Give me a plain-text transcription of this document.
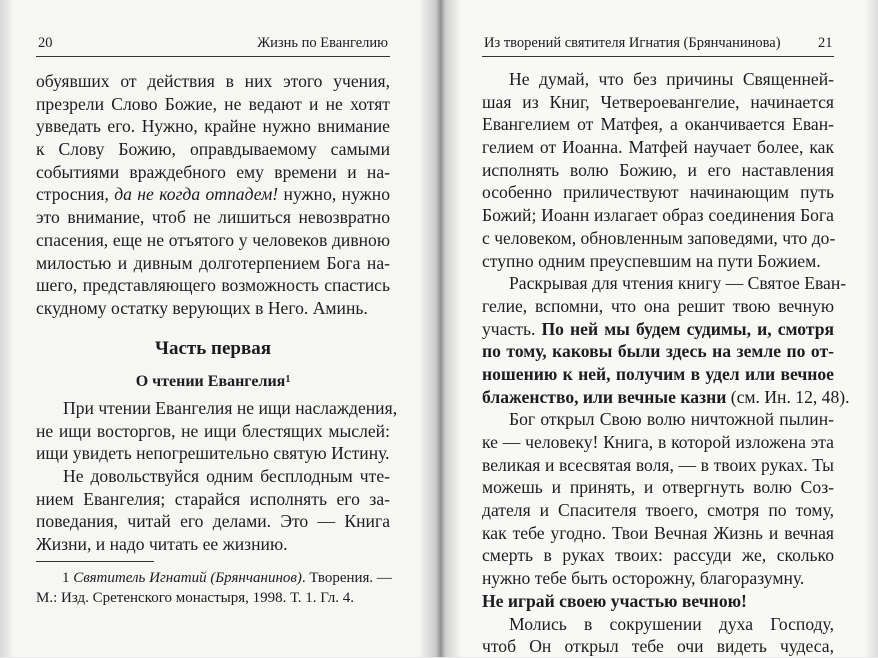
20	Жизнь по Евангелию
обуявших от действия в них этого учения,
презрели Слово Божие, не ведают и не хотят
увведать его. Нужно, крайне нужно внимание
к Слову Божию, оправдываемому самыми
событиями враждебного ему времени и на-
стросния, да не когда отпадем! нужно, нужно
это внимание, чтоб не лишиться невозвратно
спасения, еще не отъятого у человеков дивною
милостью и дивным долготерпением Бога на-
шего, представляющего возможность спастись
скудному остатку верующих в Него. Аминь.
Часть первая
О чтении Евангелия$^1$
При чтении Евангелия не ищи наслаждения,
не ищи восторгов, не ищи блестящих мыслей:
ищи увидеть непогрешительно святую Истину.
Не довольствуйся одним бесплодным чте-
нием Евангелия; старайся исполнять его за-
поведания, читай его делами. Это — Книга
Жизни, и надо читать ее жизнию.
1 Святитель Игнатий (Брянчанинов). Творения. —
М.: Изд. Сретенского монастыря, 1998. Т. 1. Гл. 4.
Из творений святителя Игнатия (Брянчанинова)	21
Не думай, что без причины Священней-
шая из Книг, Четвероевангелие, начинается
Евангелием от Матфея, а оканчивается Еван-
гелием от Иоанна. Матфей научает более, как
исполнять волю Божию, и его наставления
особенно приличествуют начинающим путь
Божий; Иоанн излагает образ соединения Бога
с человеком, обновленным заповедями, что до-
ступно одним преуспевшим на пути Божием.
Раскрывая для чтения книгу — Святое Еван-
гелие, вспомни, что она решит твою вечную
участь. По ней мы будем судимы, и, смотря
по тому, каковы были здесь на земле по от-
ношению к ней, получим в удел или вечное
блаженство, или вечные казни (см. Ин. 12, 48).
Бог открыл Свою волю ничтожной пылин-
ке — человеку! Книга, в которой изложена эта
великая и всесвятая воля, — в твоих руках. Ты
можешь и принять, и отвергнуть волю Соз-
дателя и Спасителя твоего, смотря по тому,
как тебе угодно. Твои Вечная Жизнь и вечная
смерть в руках твоих: рассуди же, сколько
нужно тебе быть осторожну, благоразумну.
Не играй своею участью вечною!
Молись в сокрушении духа Господу,
чтоб Он открыл тебе очи видеть чудеса,
